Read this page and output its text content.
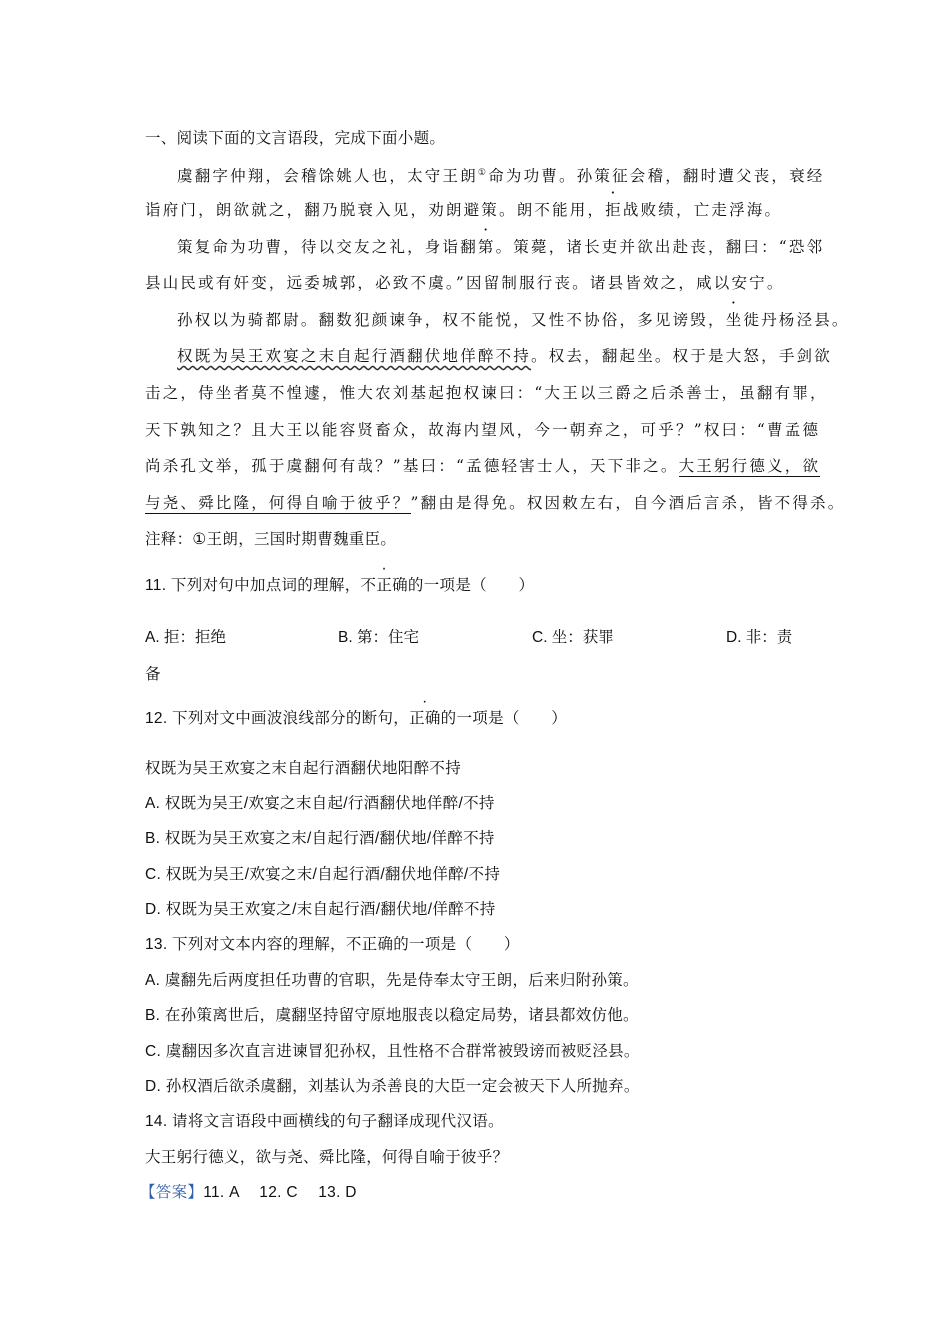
一、阅读下面的文言语段，完成下面小题。
虞翻字仲翔，会稽馀姚人也，太守王朗①命为功曹。孙策征会稽，翻时遭父丧，衰经
诣府门，朗欲就之，翻乃脱衰入见，劝朗避策。朗不能用，拒战败绩，亡走浮海。
策复命为功曹，待以交友之礼，身诣翻第。策薨，诸长吏并欲出赴丧，翻曰：“恐邻
县山民或有奸变，远委城郭，必致不虞。”因留制服行丧。诸县皆效之，咸以安宁。
孙权以为骑都尉。翻数犯颜谏争，权不能悦，又性不协俗，多见谤毁，坐徙丹杨泾县。
权既为吴王欢宴之末自起行酒翻伏地佯醉不持。权去，翻起坐。权于是大怒，手剑欲
击之，侍坐者莫不惶遽，惟大农刘基起抱权谏曰：“大王以三爵之后杀善士，虽翻有罪，
天下孰知之？且大王以能容贤畜众，故海内望风，今一朝弃之，可乎？”权曰：“曹孟德
尚杀孔文举，孤于虞翻何有哉？”基曰：“孟德轻害士人，天下非之。大王躬行德义，欲
与尧、舜比隆，何得自喻于彼乎？”翻由是得免。权因敕左右，自今酒后言杀，皆不得杀。
注释：①王朗，三国时期曹魏重臣。
11. 下列对句中加点词的理解，不正确的一项是（　　）
A. 拒：拒绝	B. 第：住宅	C. 坐：获罪	D. 非：责
备
12. 下列对文中画波浪线部分的断句，正确的一项是（　　）
权既为吴王欢宴之末自起行酒翻伏地阳醉不持
A. 权既为吴王/欢宴之末自起/行酒翻伏地佯醉/不持
B. 权既为吴王欢宴之末/自起行酒/翻伏地/佯醉不持
C. 权既为吴王/欢宴之末/自起行酒/翻伏地佯醉/不持
D. 权既为吴王欢宴之/末自起行酒/翻伏地/佯醉不持
13. 下列对文本内容的理解，不正确的一项是（　　）
A. 虞翻先后两度担任功曹的官职，先是侍奉太守王朗，后来归附孙策。
B. 在孙策离世后，虞翻坚持留守原地服丧以稳定局势，诸县都效仿他。
C. 虞翻因多次直言进谏冒犯孙权，且性格不合群常被毁谤而被贬泾县。
D. 孙权酒后欲杀虞翻，刘基认为杀善良的大臣一定会被天下人所抛弃。
14. 请将文言语段中画横线的句子翻译成现代汉语。
大王躬行德义，欲与尧、舜比隆，何得自喻于彼乎？
【答案】11. A　 12. C　 13. D
